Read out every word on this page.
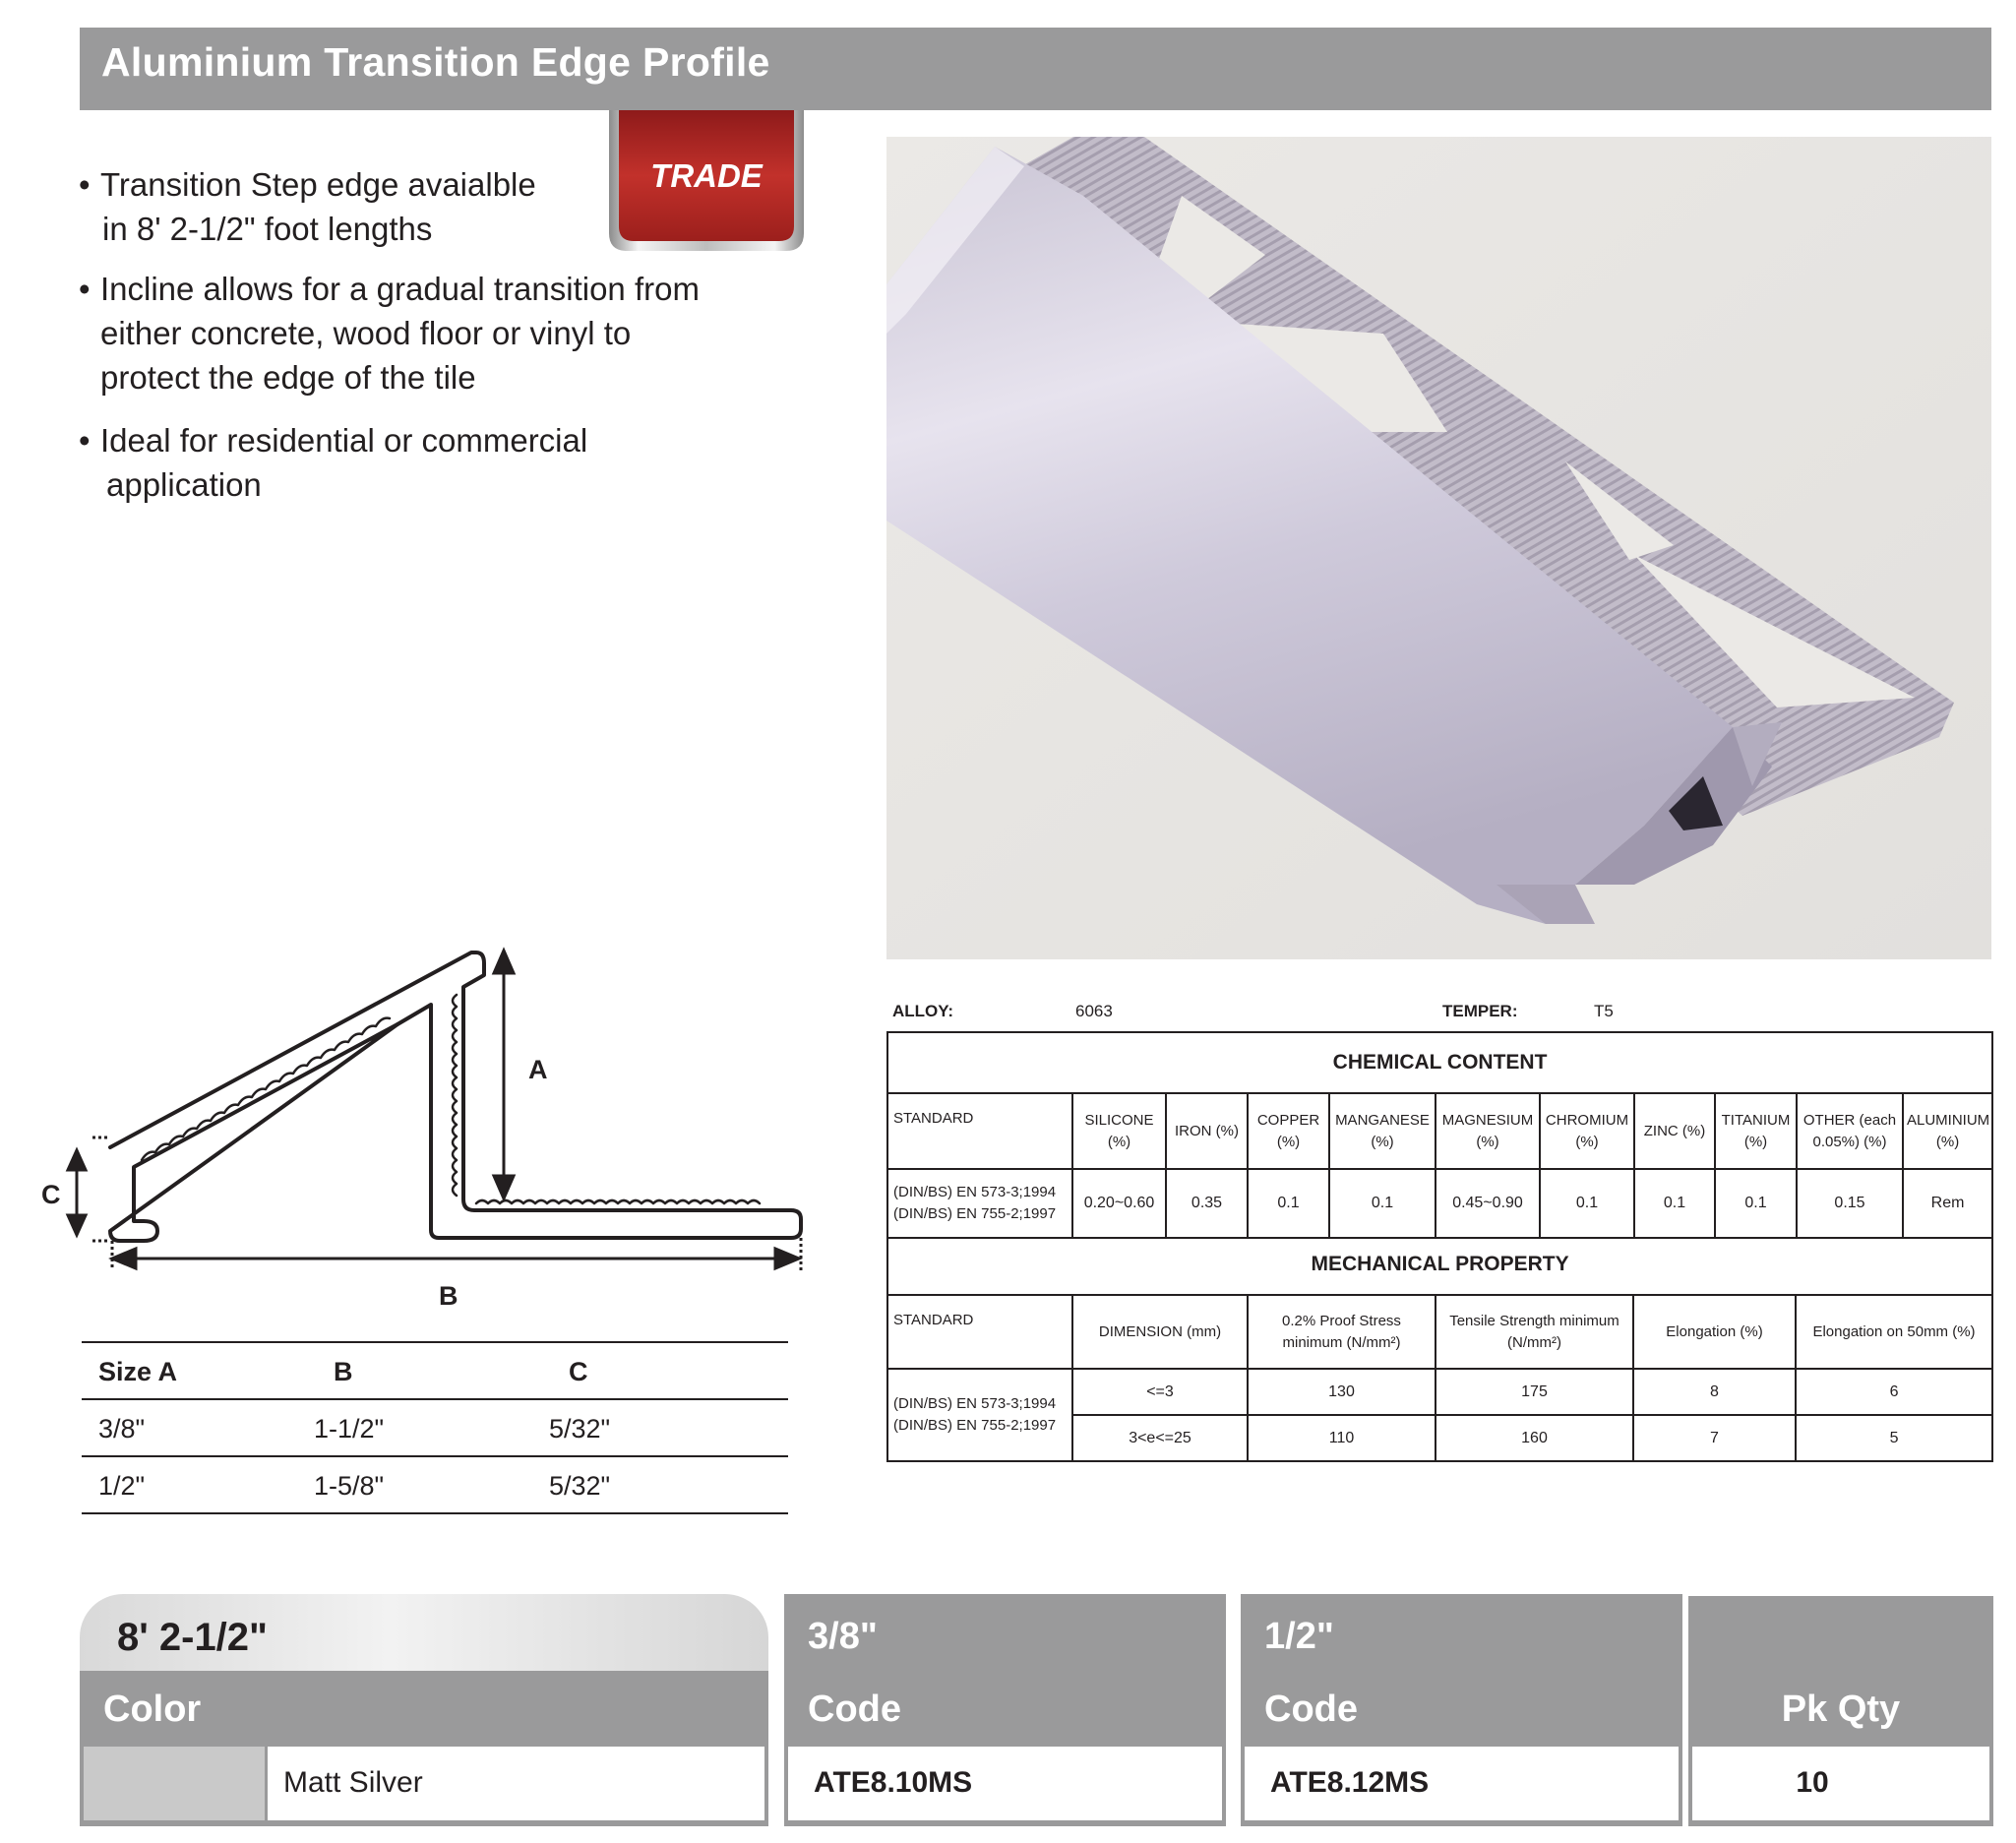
Aluminium Transition Edge Profile
TRADE
• Transition Step edge avaialble
in 8' 2-1/2" foot lengths
• Incline allows for a gradual transition from
either concrete, wood floor or vinyl to
protect the edge of the tile
• Ideal for residential or commercial
application
A
C
B
Size A	B	C
3/8"	1-1/2"	5/32"
1/2"	1-5/8"	5/32"
ALLOY:	6063	TEMPER:	T5
CHEMICAL CONTENT										
STANDARD	SILICONE (%)	IRON (%)	COPPER (%)	MANGANESE (%)	MAGNESIUM (%)	CHROMIUM (%)	ZINC (%)	TITANIUM (%)	OTHER (each 0.05%) (%)	ALUMINIUM (%)

(DIN/BS) EN 573-3;1994
(DIN/BS) EN 755-2;1997	0.20~0.60	0.35	0.1	0.1	0.45~0.90	0.1	0.1	0.1	0.15	Rem
MECHANICAL PROPERTY					
STANDARD	DIMENSION (mm)	0.2% Proof Stress minimum (N/mm²)	Tensile Strength minimum (N/mm²)	Elongation (%)	Elongation on 50mm (%)

(DIN/BS) EN 573-3;1994
(DIN/BS) EN 755-2;1997	<=3	130	175	8	6
	3<e<=25	110	160	7	5
8' 2-1/2"
Color
Matt Silver
3/8"
Code
ATE8.10MS
1/2"
Code
ATE8.12MS
Pk Qty
10
